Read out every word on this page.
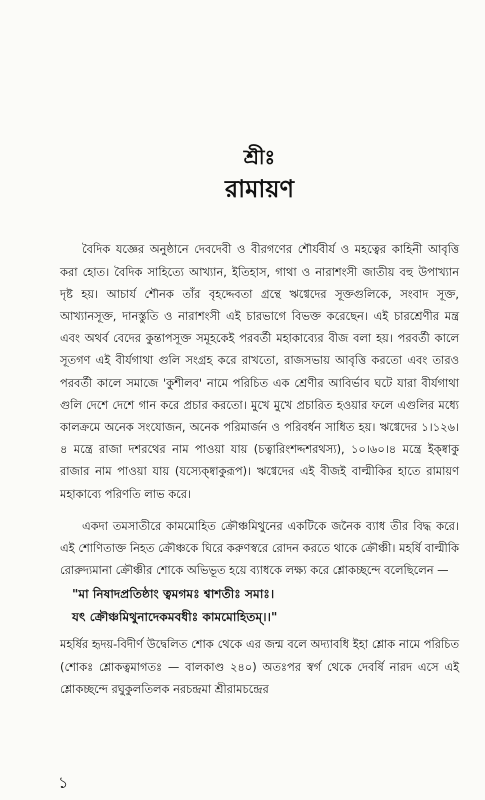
শ্রীঃ
রামায়ণ

বৈদিক যজ্ঞের অনুষ্ঠানে দেবদেবী ও বীরগণের শৌর্যবীর্য ও মহত্বের কাহিনী আবৃত্তি করা হোত। বৈদিক সাহিত্যে আখ্যান, ইতিহাস, গাথা ও নারাশংসী জাতীয় বহু উপাখ্যান দৃষ্ট হয়। আচার্য শৌনক তাঁর বৃহদ্দেবতা গ্রন্থে ঋগ্বেদের সূক্তগুলিকে, সংবাদ সূক্ত, আখ্যানসূক্ত, দানস্তুতি ও নারাশংসী এই চারভাগে বিভক্ত করেছেন। এই চারশ্রেণীর মন্ত্র এবং অথর্ব বেদের কুন্তাপসূক্ত সমূহকেই পরবর্তী মহাকাব্যের বীজ বলা হয়। পরবর্তী কালে সূতগণ এই বীর্যগাথা গুলি সংগ্রহ করে রাখতো, রাজসভায় আবৃত্তি করতো এবং তারও পরবর্তী কালে সমাজে 'কুশীলব' নামে পরিচিত এক শ্রেণীর আবির্ভাব ঘটে যারা বীর্যগাথা গুলি দেশে দেশে গান করে প্রচার করতো। মুখে মুখে প্রচারিত হওয়ার ফলে এগুলির মধ্যে কালক্রমে অনেক সংযোজন, অনেক পরিমার্জন ও পরিবর্ধন সাধিত হয়। ঋগ্বেদের ১।১২৬।৪ মন্ত্রে রাজা দশরথের নাম পাওয়া যায় (চত্বারিংশদ্দশরথস্য), ১০।৬০।৪ মন্ত্রে ইক্ষ্বাকু রাজার নাম পাওয়া যায় (যস্যেক্ষ্বাকুরূপ)। ঋগ্বেদের এই বীজই বাল্মীকির হাতে রামায়ণ মহাকাব্যে পরিণতি লাভ করে।

একদা তমসাতীরে কামমোহিত ক্রৌঞ্চমিথুনের একটিকে জনৈক ব্যাধ তীর বিদ্ধ করে। এই শোণিতাক্ত নিহত ক্রৌঞ্চকে ঘিরে করুণস্বরে রোদন করতে থাকে ক্রৌঞ্চী। মহর্ষি বাল্মীকি রোরুদ্যমানা ক্রৌঞ্চীর শোকে অভিভূত হয়ে ব্যাধকে লক্ষ্য করে শ্লোকচ্ছন্দে বলেছিলেন —

"মা নিষাদপ্রতিষ্ঠাং ত্বমগমঃ শ্বাশতীঃ সমাঃ।
যৎ ক্রৌঞ্চমিথুনাদেকমবধীঃ কামমোহিতম্।।"

মহর্ষির হৃদয়-বিদীর্ণ উদ্বেলিত শোক থেকে এর জন্ম বলে অদ্যাবধি ইহা শ্লোক নামে পরিচিত (শোকঃ শ্লোকত্বমাগতঃ — বালকাণ্ড ২৪০) অতঃপর স্বর্গ থেকে দেবর্ষি নারদ এসে এই শ্লোকচ্ছন্দে রঘুকুলতিলক নরচন্দ্রমা শ্রীরামচন্দ্রের

১
